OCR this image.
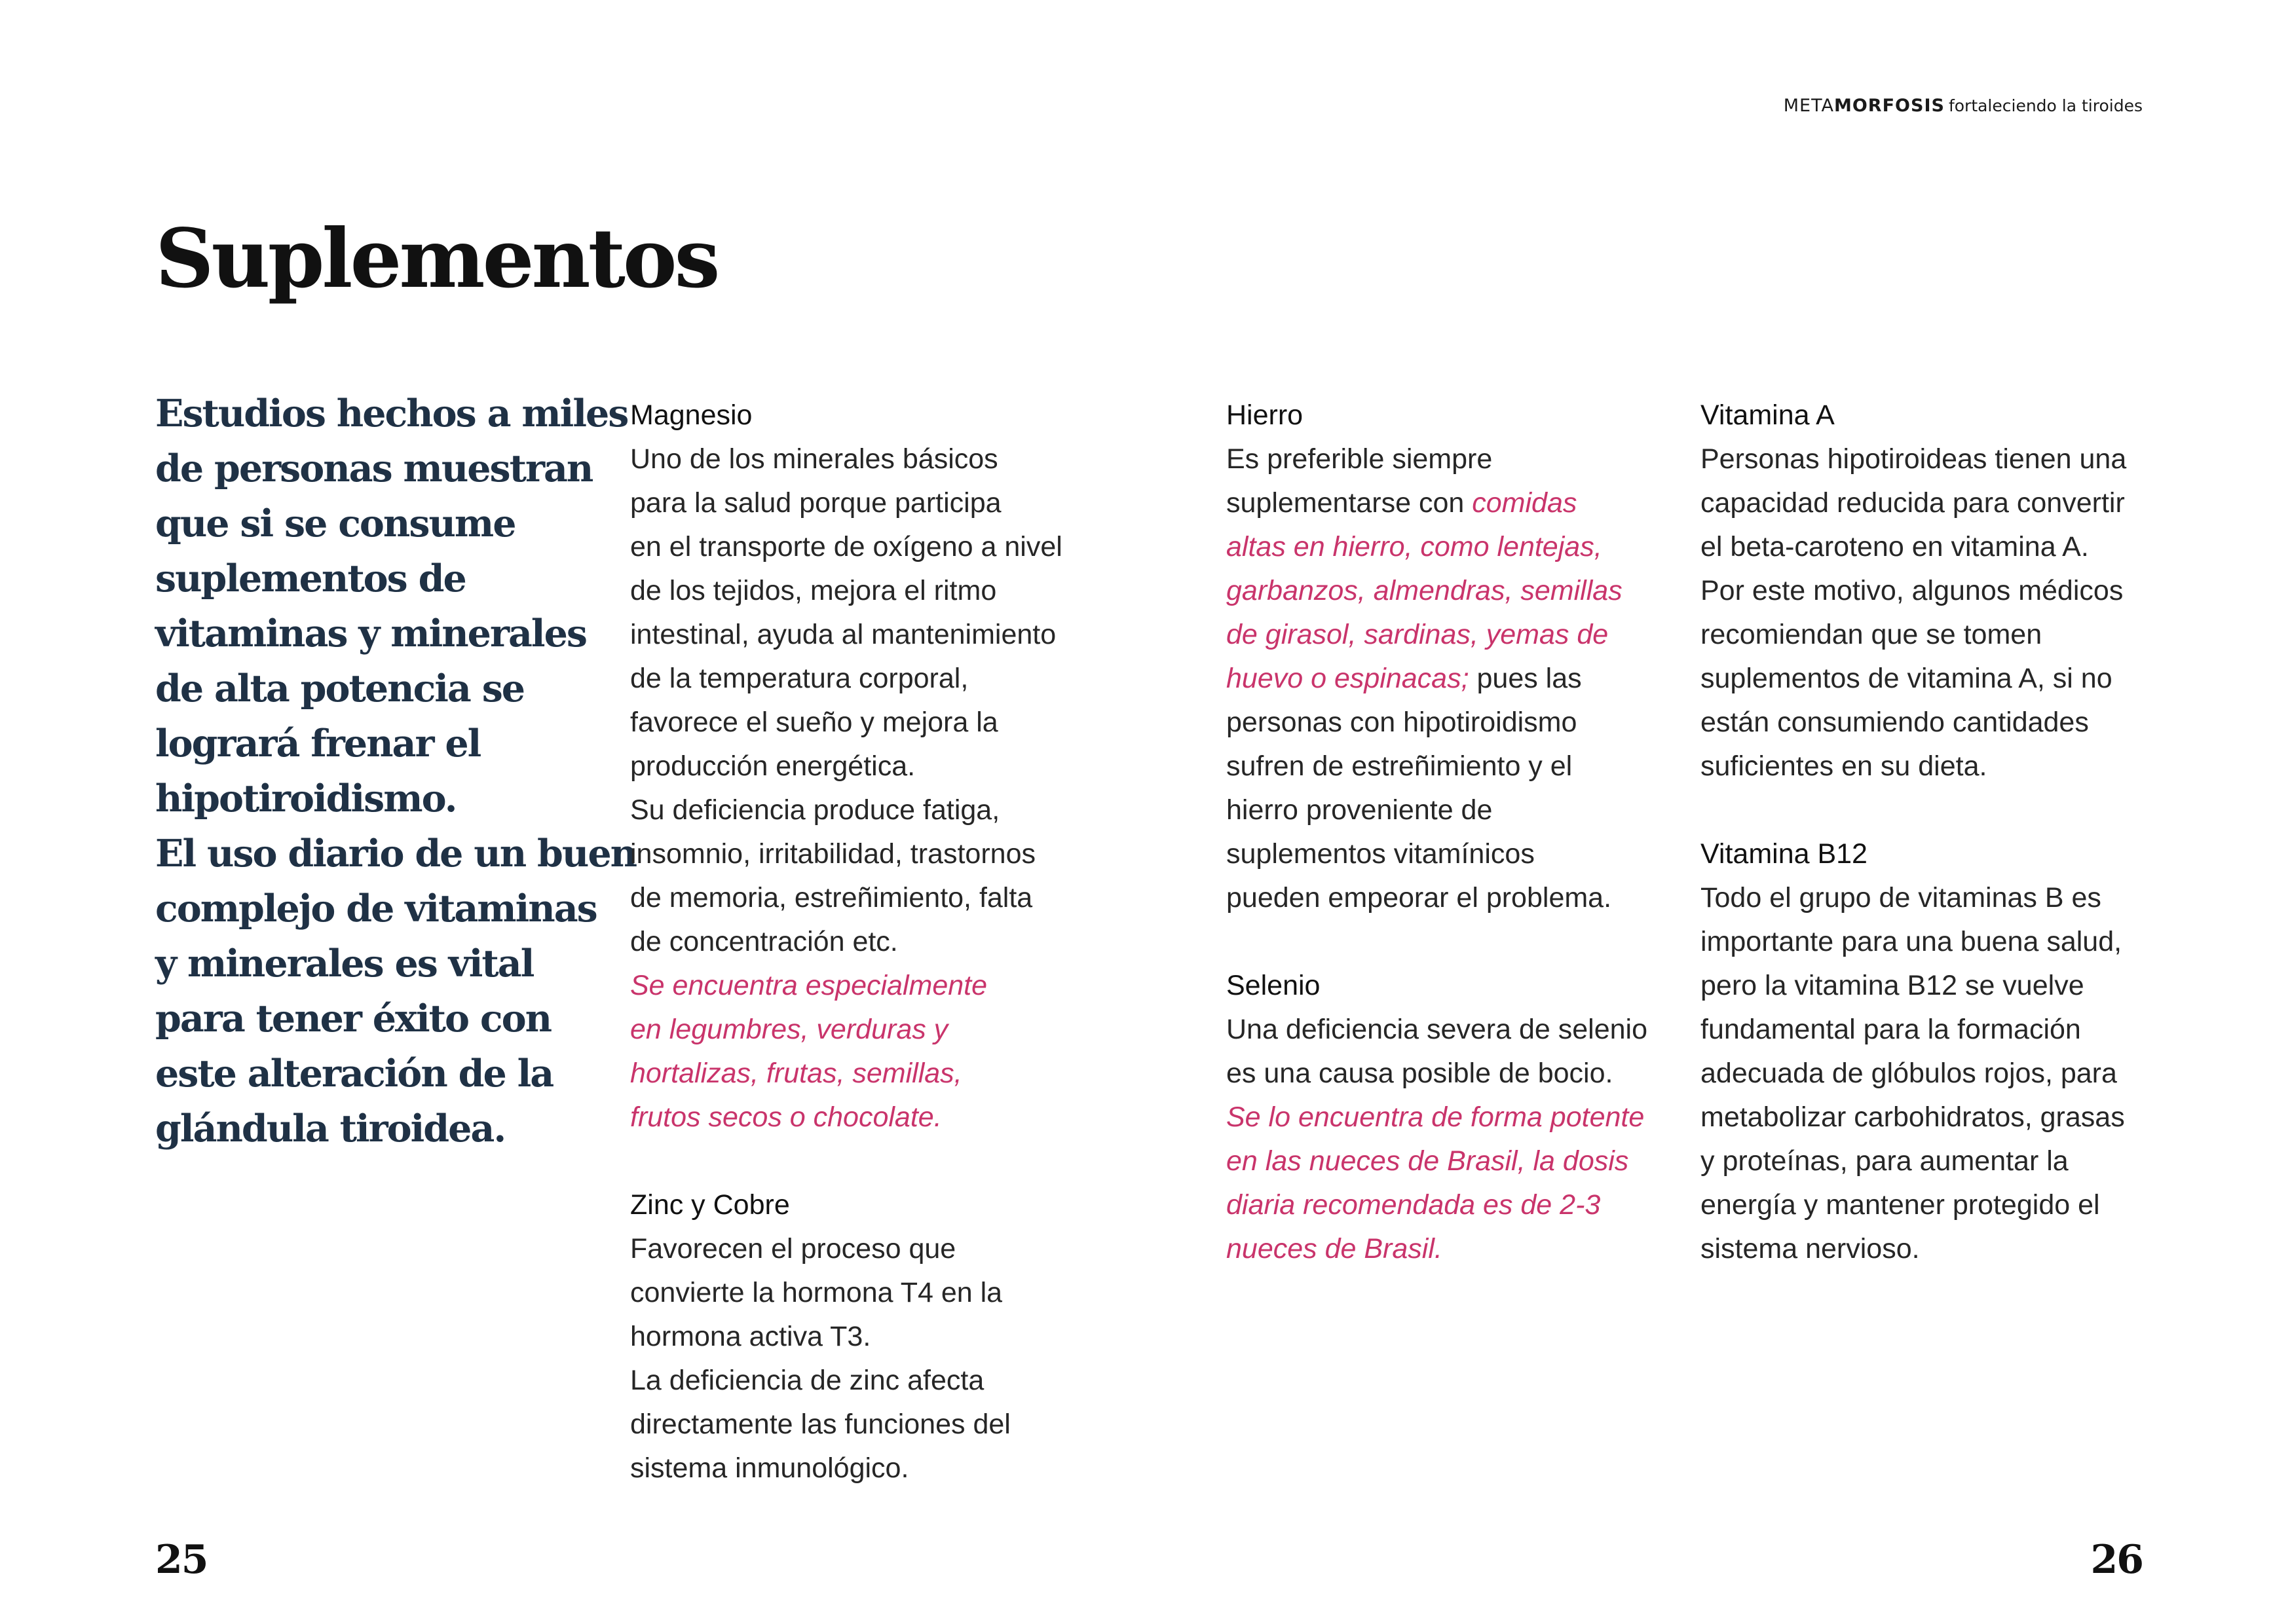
METAMORFOSIS fortaleciendo la tiroides
Suplementos
Estudios hechos a miles
de personas muestran
que si se consume
suplementos de
vitaminas y minerales
de alta potencia se
logrará frenar el
hipotiroidismo.
El uso diario de un buen
complejo de vitaminas
y minerales es vital
para tener éxito con
este alteración de la
glándula tiroidea.
Magnesio
Uno de los minerales básicos
para la salud porque participa
en el transporte de oxígeno a nivel
de los tejidos, mejora el ritmo
intestinal, ayuda al mantenimiento
de la temperatura corporal,
favorece el sueño y mejora la
producción energética.
Su deficiencia produce fatiga,
insomnio, irritabilidad, trastornos
de memoria, estreñimiento, falta
de concentración etc.
Se encuentra especialmente
en legumbres, verduras y
hortalizas, frutas, semillas,
frutos secos o chocolate.
Zinc y Cobre
Favorecen el proceso que
convierte la hormona T4 en la
hormona activa T3.
La deficiencia de zinc afecta
directamente las funciones del
sistema inmunológico.
Hierro
Es preferible siempre
suplementarse con comidas
altas en hierro, como lentejas,
garbanzos, almendras, semillas
de girasol, sardinas, yemas de
huevo o espinacas; pues las
personas con hipotiroidismo
sufren de estreñimiento y el
hierro proveniente de
suplementos vitamínicos
pueden empeorar el problema.
Selenio
Una deficiencia severa de selenio
es una causa posible de bocio.
Se lo encuentra de forma potente
en las nueces de Brasil, la dosis
diaria recomendada es de 2-3
nueces de Brasil.
Vitamina A
Personas hipotiroideas tienen una
capacidad reducida para convertir
el beta-caroteno en vitamina A.
Por este motivo, algunos médicos
recomiendan que se tomen
suplementos de vitamina A, si no
están consumiendo cantidades
suficientes en su dieta.
Vitamina B12
Todo el grupo de vitaminas B es
importante para una buena salud,
pero la vitamina B12 se vuelve
fundamental para la formación
adecuada de glóbulos rojos, para
metabolizar carbohidratos, grasas
y proteínas, para aumentar la
energía y mantener protegido el
sistema nervioso.
25	26
